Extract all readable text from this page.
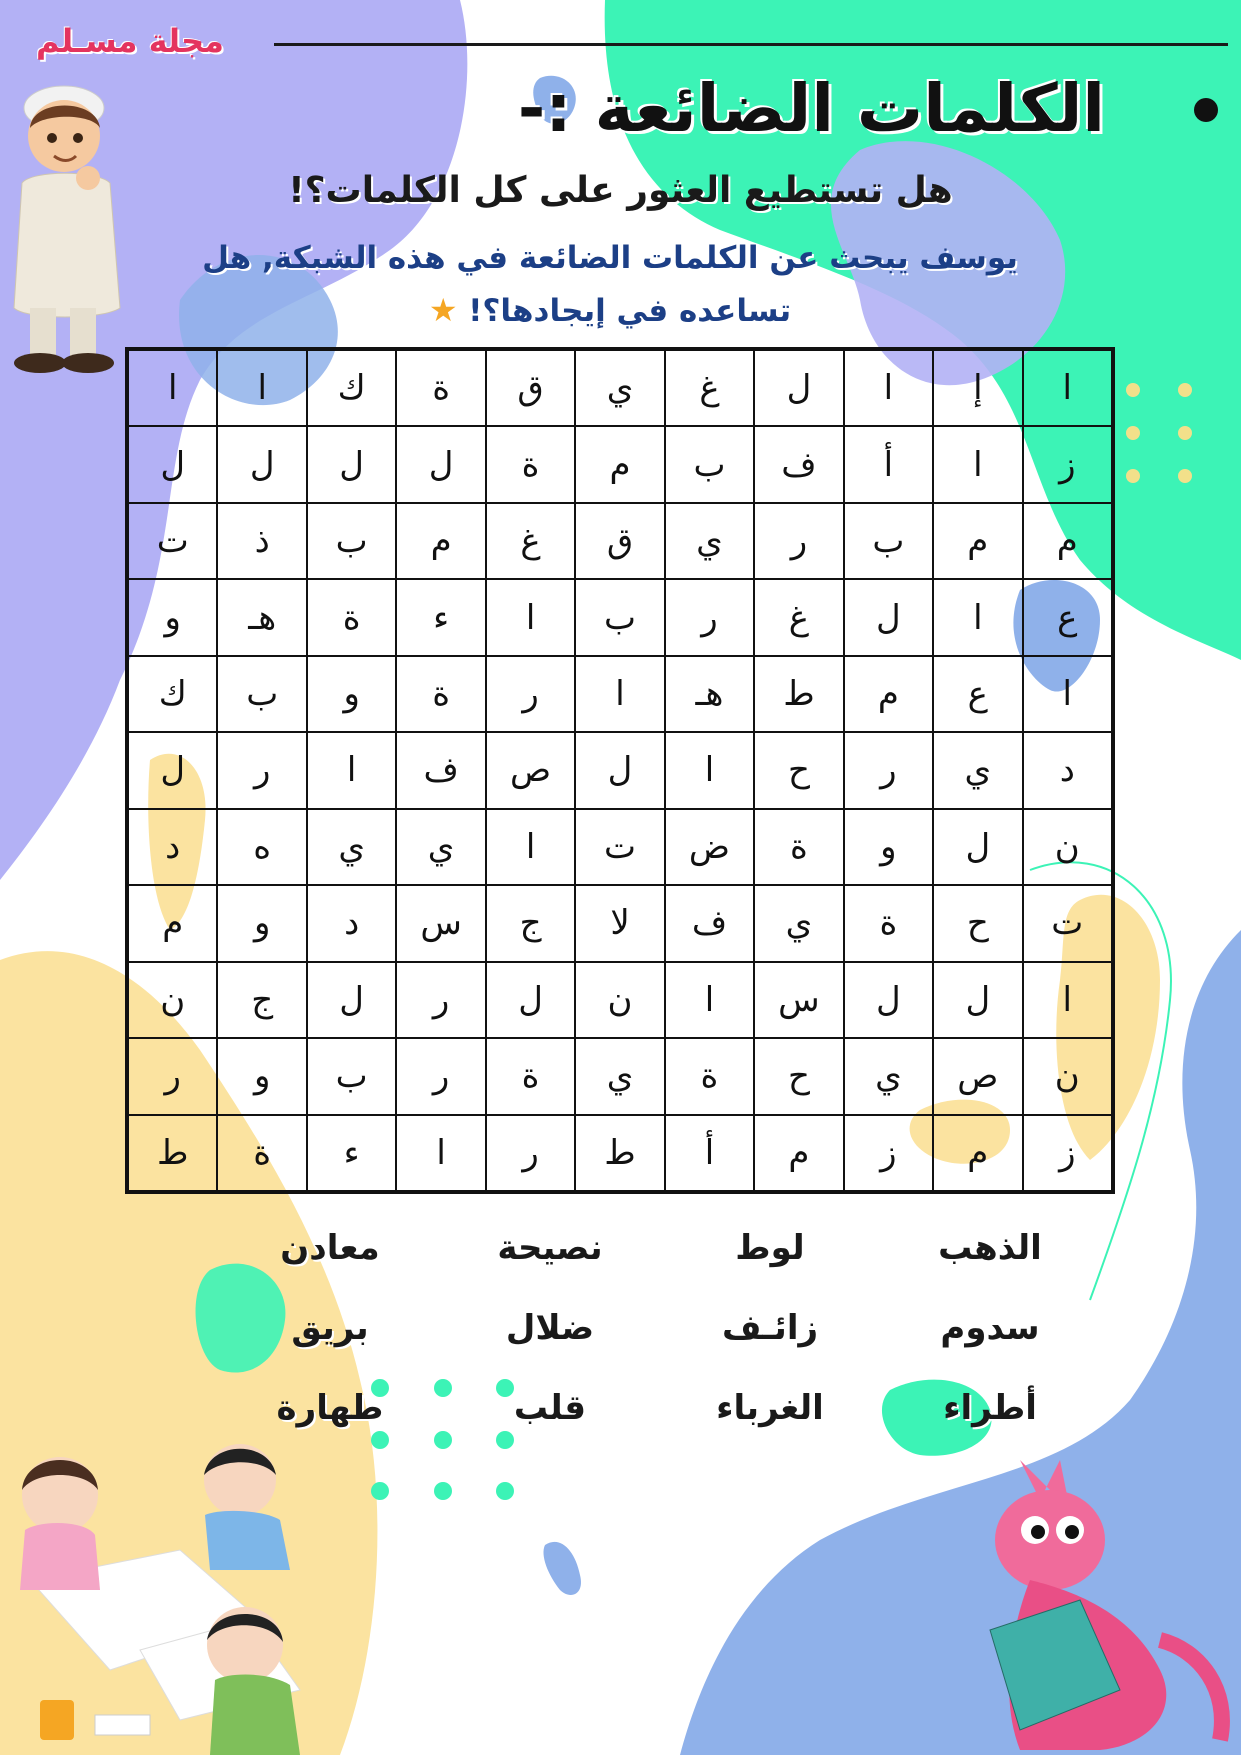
مجلة مسـلم
الكلمات الضائعة :-
هل تستطيع العثور على كل الكلمات؟!
يوسف يبحث عن الكلمات الضائعة في هذه الشبكة, هل تساعده في إيجادها؟! ★
ا
إ
ا
ل
غ
ي
ق
ة
ك
ا
ا
ز
ا
أ
ف
ب
م
ة
ل
ل
ل
ل
م
م
ب
ر
ي
ق
غ
م
ب
ذ
ت
ع
ا
ل
غ
ر
ب
ا
ء
ة
هـ
و
ا
ع
م
ط
هـ
ا
ر
ة
و
ب
ك
د
ي
ر
ح
ا
ل
ص
ف
ا
ر
ل
ن
ل
و
ة
ض
ت
ا
ي
ي
ه
د
ت
ح
ة
ي
ف
لا
ج
س
د
و
م
ا
ل
ل
س
ا
ن
ل
ر
ل
ج
ن
ن
ص
ي
ح
ة
ي
ة
ر
ب
و
ر
ز
م
ز
م
أ
ط
ر
ا
ء
ة
ط
الذهب
لوط
نصيحة
معادن
سدوم
زائـف
ضلال
بريق
أطراء
الغرباء
قلب
طهارة
